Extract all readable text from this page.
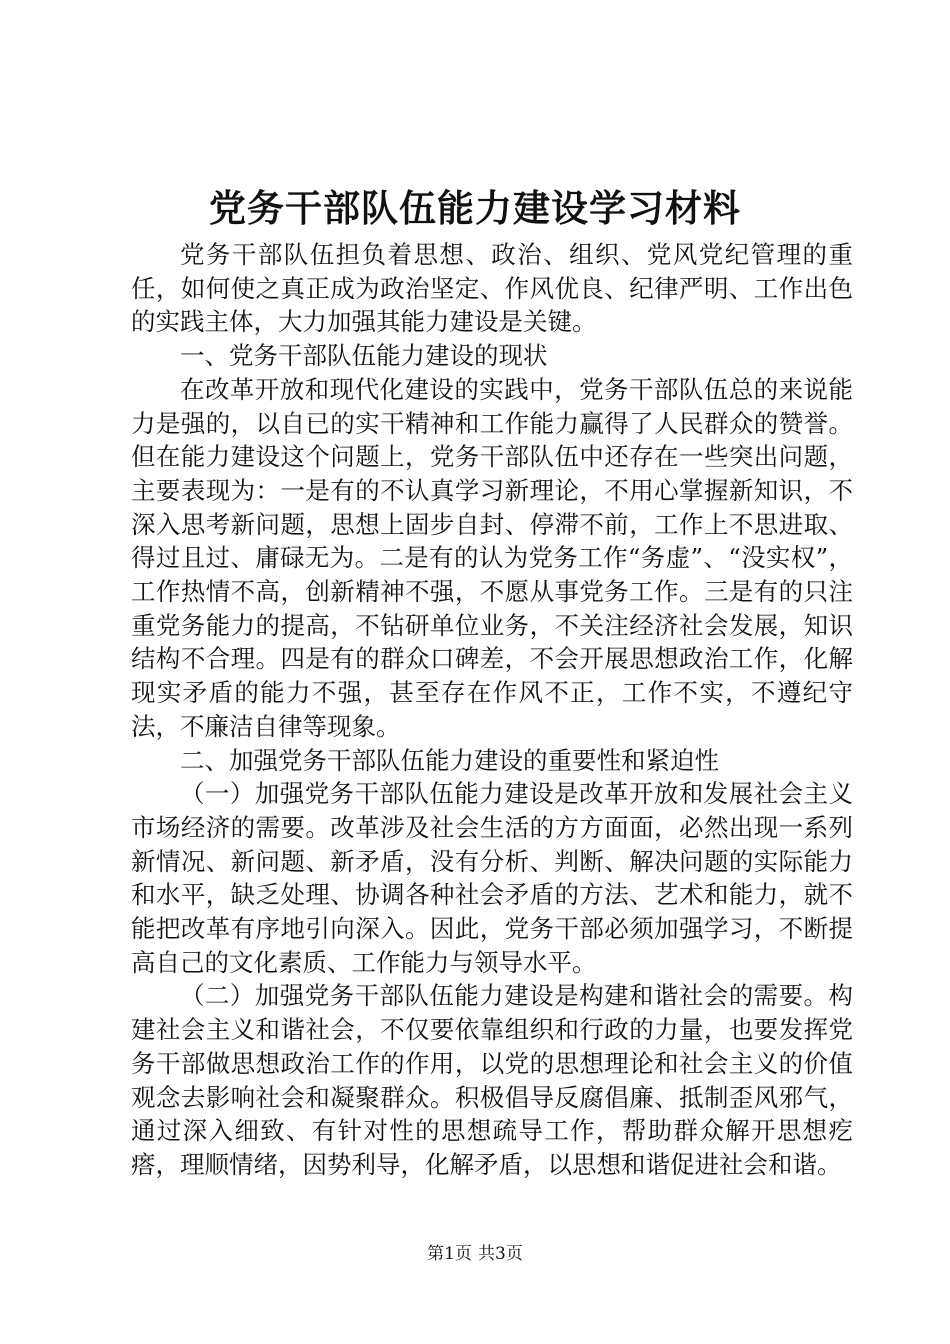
党务干部队伍能力建设学习材料

党务干部队伍担负着思想、政治、组织、党风党纪管理的重任，如何使之真正成为政治坚定、作风优良、纪律严明、工作出色的实践主体，大力加强其能力建设是关键。

一、党务干部队伍能力建设的现状

在改革开放和现代化建设的实践中，党务干部队伍总的来说能力是强的，以自已的实干精神和工作能力赢得了人民群众的赞誉。但在能力建设这个问题上，党务干部队伍中还存在一些突出问题，主要表现为：一是有的不认真学习新理论，不用心掌握新知识，不深入思考新问题，思想上固步自封、停滞不前，工作上不思进取、得过且过、庸碌无为。二是有的认为党务工作“务虚”、“没实权”，工作热情不高，创新精神不强，不愿从事党务工作。三是有的只注重党务能力的提高，不钻研单位业务，不关注经济社会发展，知识结构不合理。四是有的群众口碑差，不会开展思想政治工作，化解现实矛盾的能力不强，甚至存在作风不正，工作不实，不遵纪守法，不廉洁自律等现象。

二、加强党务干部队伍能力建设的重要性和紧迫性

（一）加强党务干部队伍能力建设是改革开放和发展社会主义市场经济的需要。改革涉及社会生活的方方面面，必然出现一系列新情况、新问题、新矛盾，没有分析、判断、解决问题的实际能力和水平，缺乏处理、协调各种社会矛盾的方法、艺术和能力，就不能把改革有序地引向深入。因此，党务干部必须加强学习，不断提高自己的文化素质、工作能力与领导水平。

（二）加强党务干部队伍能力建设是构建和谐社会的需要。构建社会主义和谐社会，不仅要依靠组织和行政的力量，也要发挥党务干部做思想政治工作的作用，以党的思想理论和社会主义的价值观念去影响社会和凝聚群众。积极倡导反腐倡廉、抵制歪风邪气，通过深入细致、有针对性的思想疏导工作，帮助群众解开思想疙瘩，理顺情绪，因势利导，化解矛盾，以思想和谐促进社会和谐。

第1页 共3页
